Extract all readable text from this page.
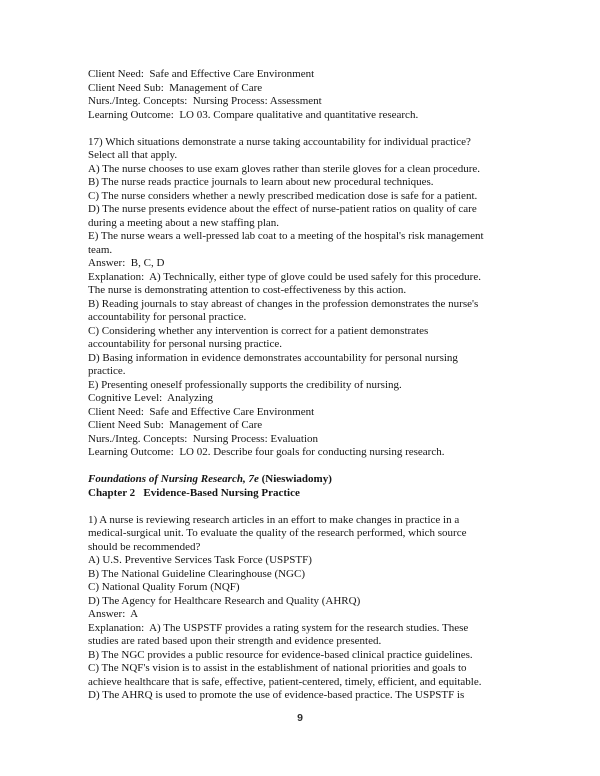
Client Need:  Safe and Effective Care Environment
Client Need Sub:  Management of Care
Nurs./Integ. Concepts:  Nursing Process: Assessment
Learning Outcome:  LO 03. Compare qualitative and quantitative research.
17) Which situations demonstrate a nurse taking accountability for individual practice?
Select all that apply.
A) The nurse chooses to use exam gloves rather than sterile gloves for a clean procedure.
B) The nurse reads practice journals to learn about new procedural techniques.
C) The nurse considers whether a newly prescribed medication dose is safe for a patient.
D) The nurse presents evidence about the effect of nurse-patient ratios on quality of care
during a meeting about a new staffing plan.
E) The nurse wears a well-pressed lab coat to a meeting of the hospital's risk management
team.
Answer:  B, C, D
Explanation:  A) Technically, either type of glove could be used safely for this procedure.
The nurse is demonstrating attention to cost-effectiveness by this action.
B) Reading journals to stay abreast of changes in the profession demonstrates the nurse's
accountability for personal practice.
C) Considering whether any intervention is correct for a patient demonstrates
accountability for personal nursing practice.
D) Basing information in evidence demonstrates accountability for personal nursing
practice.
E) Presenting oneself professionally supports the credibility of nursing.
Cognitive Level:  Analyzing
Client Need:  Safe and Effective Care Environment
Client Need Sub:  Management of Care
Nurs./Integ. Concepts:  Nursing Process: Evaluation
Learning Outcome:  LO 02. Describe four goals for conducting nursing research.
Foundations of Nursing Research, 7e (Nieswiadomy)
Chapter 2   Evidence-Based Nursing Practice
1) A nurse is reviewing research articles in an effort to make changes in practice in a
medical-surgical unit. To evaluate the quality of the research performed, which source
should be recommended?
A) U.S. Preventive Services Task Force (USPSTF)
B) The National Guideline Clearinghouse (NGC)
C) National Quality Forum (NQF)
D) The Agency for Healthcare Research and Quality (AHRQ)
Answer:  A
Explanation:  A) The USPSTF provides a rating system for the research studies. These
studies are rated based upon their strength and evidence presented.
B) The NGC provides a public resource for evidence-based clinical practice guidelines.
C) The NQF's vision is to assist in the establishment of national priorities and goals to
achieve healthcare that is safe, effective, patient-centered, timely, efficient, and equitable.
D) The AHRQ is used to promote the use of evidence-based practice. The USPSTF is
9
